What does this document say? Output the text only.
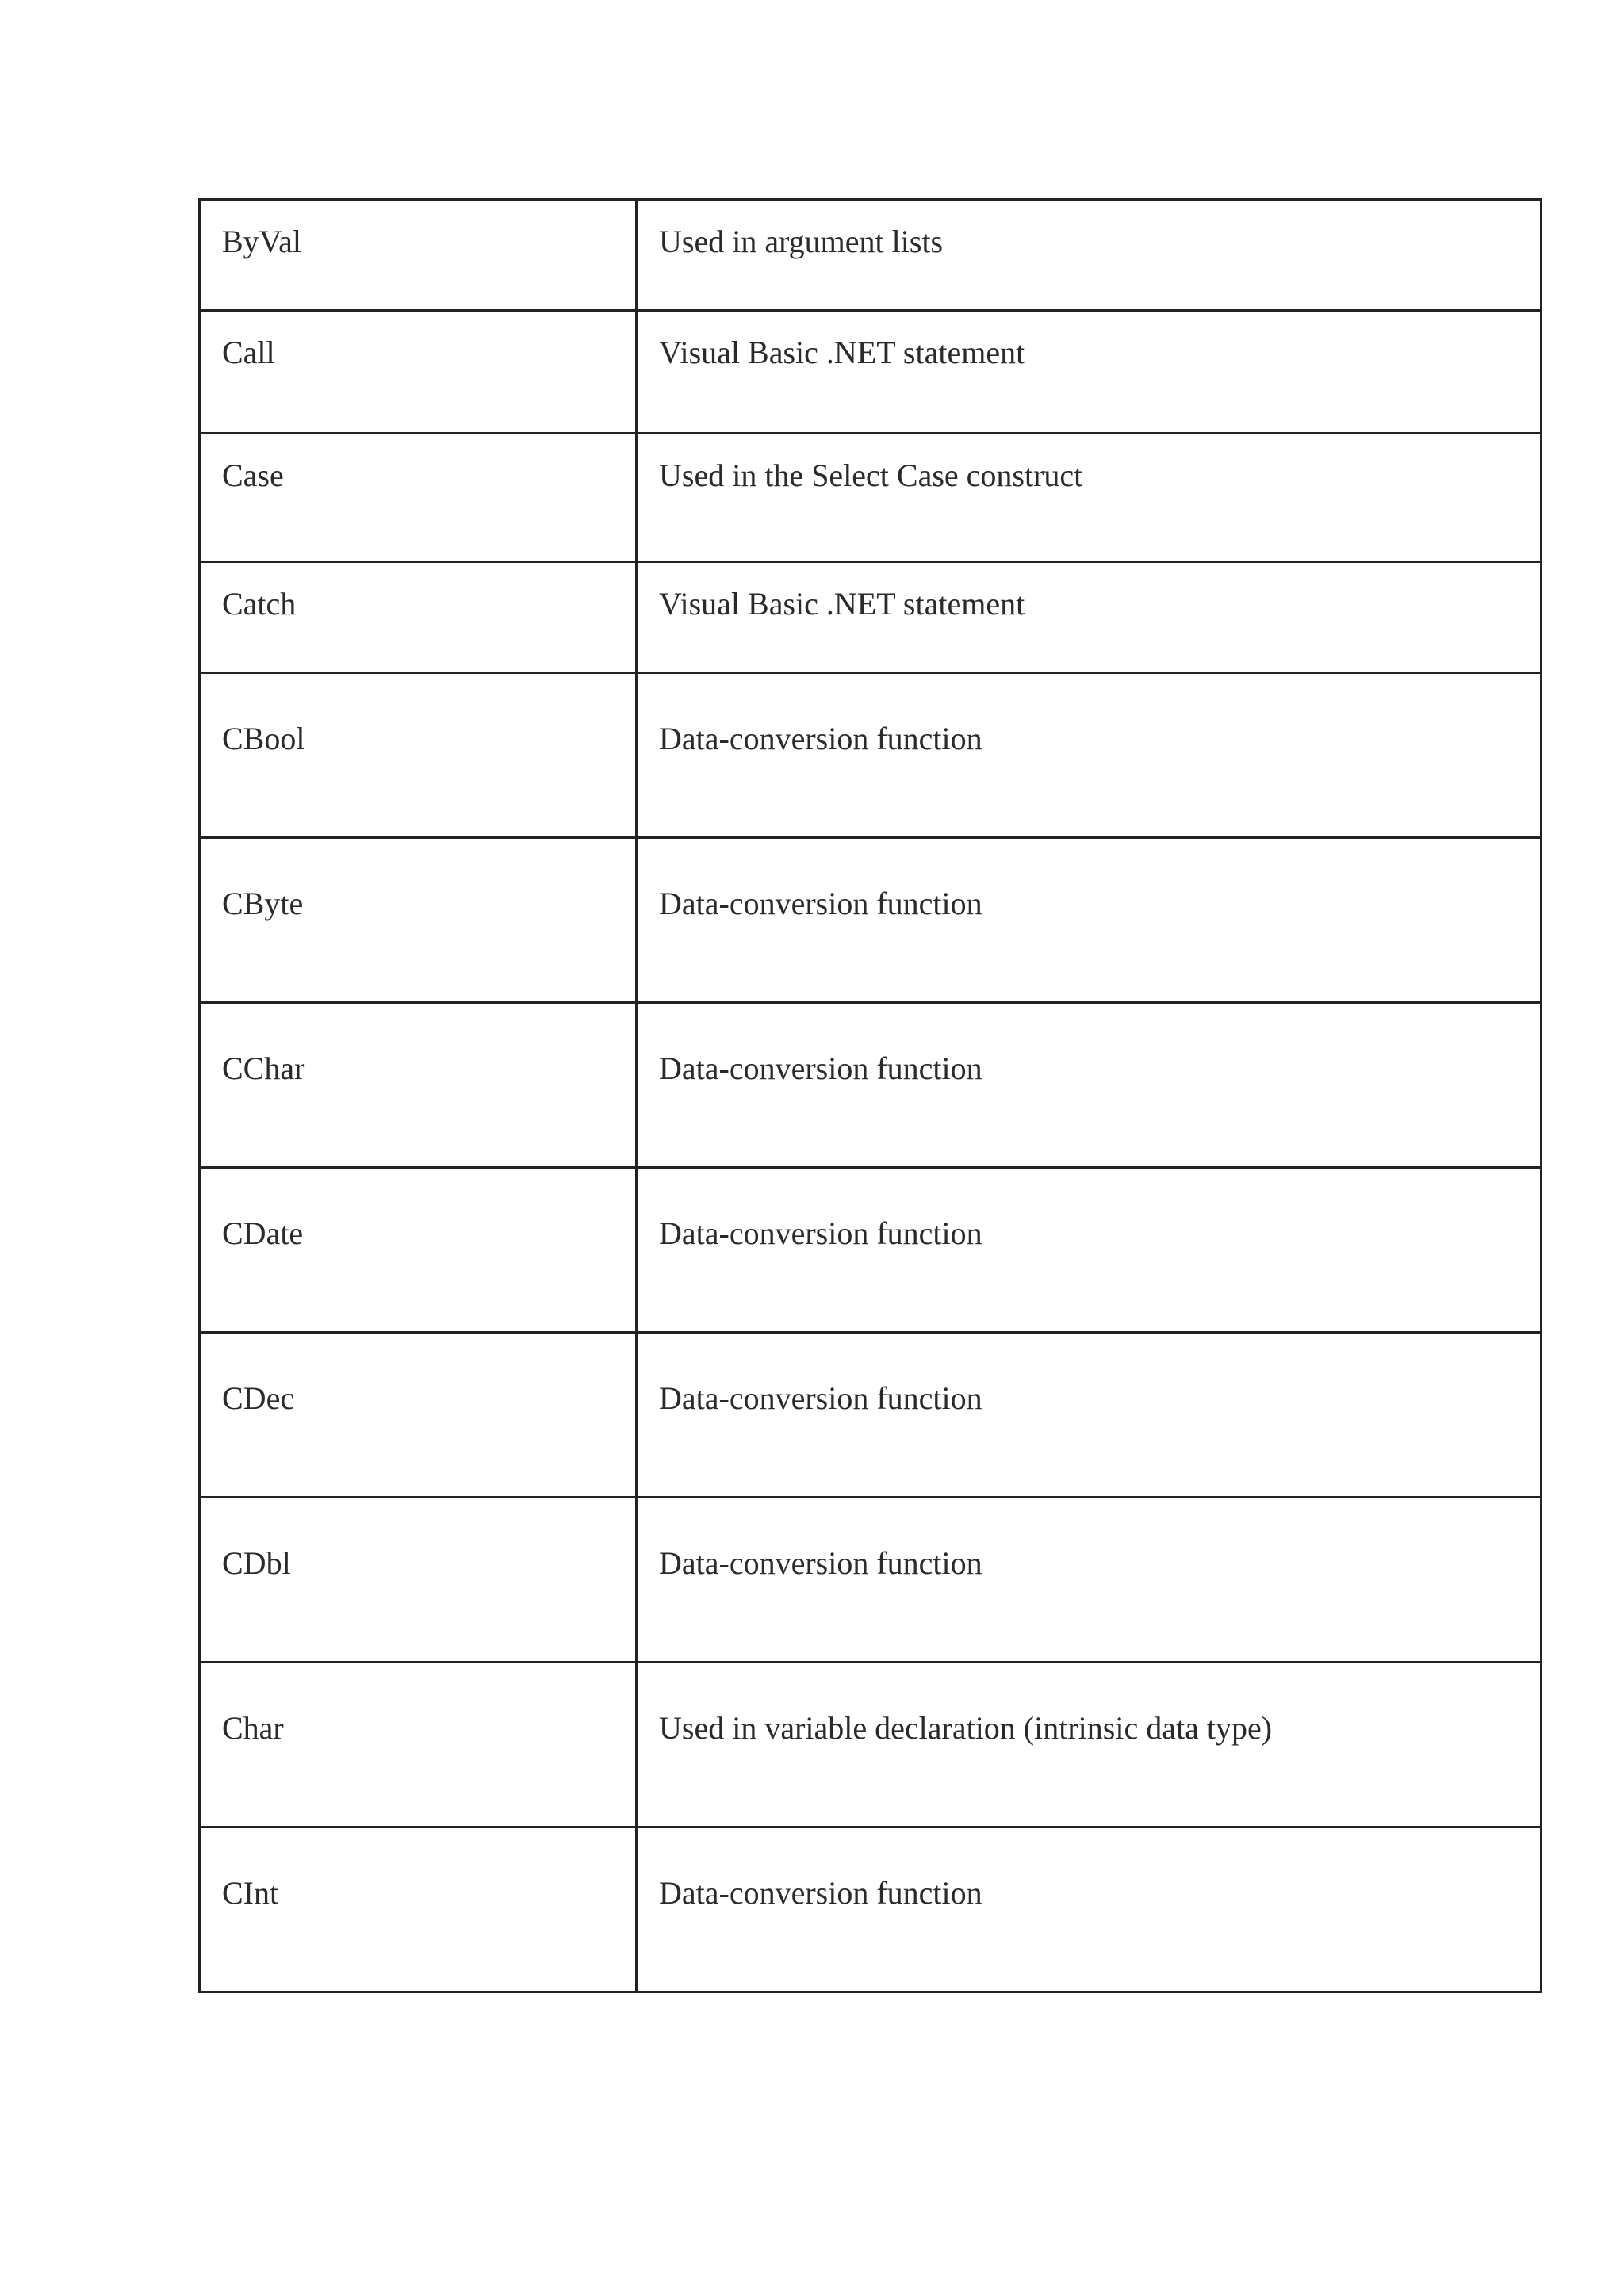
ByVal	Used in argument lists
Call	Visual Basic .NET statement
Case	Used in the Select Case construct
Catch	Visual Basic .NET statement
CBool	Data-conversion function
CByte	Data-conversion function
CChar	Data-conversion function
CDate	Data-conversion function
CDec	Data-conversion function
CDbl	Data-conversion function
Char	Used in variable declaration (intrinsic data type)
CInt	Data-conversion function
